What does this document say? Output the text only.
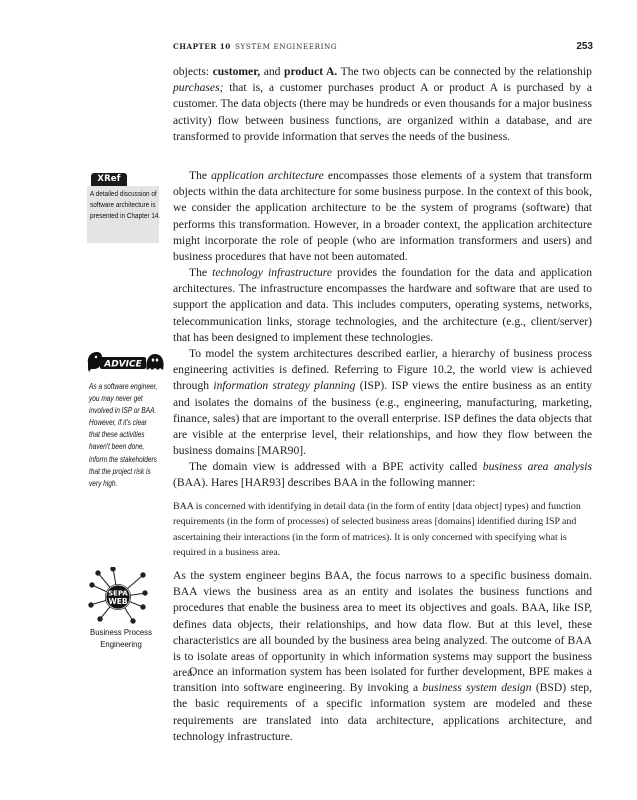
CHAPTER 10 SYSTEM ENGINEERING	253

objects: customer, and product A. The two objects can be connected by the relationship purchases; that is, a customer purchases product A or product A is purchased by a customer. The data objects (there may be hundreds or even thousands for a major business activity) flow between business functions, are organized within a database, and are transformed to provide information that serves the needs of the business.

The application architecture encompasses those elements of a system that transform objects within the data architecture for some business purpose. In the context of this book, we consider the application architecture to be the system of programs (software) that performs this transformation. However, in a broader context, the application architecture might incorporate the role of people (who are information transformers and users) and business procedures that have not been automated.

The technology infrastructure provides the foundation for the data and application architectures. The infrastructure encompasses the hardware and software that are used to support the application and data. This includes computers, operating systems, networks, telecommunication links, storage technologies, and the architecture (e.g., client/server) that has been designed to implement these technologies.

To model the system architectures described earlier, a hierarchy of business process engineering activities is defined. Referring to Figure 10.2, the world view is achieved through information strategy planning (ISP). ISP views the entire business as an entity and isolates the domains of the business (e.g., engineering, manufacturing, marketing, finance, sales) that are important to the overall enterprise. ISP defines the data objects that are visible at the enterprise level, their relationships, and how they flow between the business domains [MAR90].

The domain view is addressed with a BPE activity called business area analysis (BAA). Hares [HAR93] describes BAA in the following manner:

BAA is concerned with identifying in detail data (in the form of entity [data object] types) and function requirements (in the form of processes) of selected business areas [domains] identified during ISP and ascertaining their interactions (in the form of matrices). It is only concerned with specifying what is required in a business area.

As the system engineer begins BAA, the focus narrows to a specific business domain. BAA views the business area as an entity and isolates the business functions and procedures that enable the business area to meet its objectives and goals. BAA, like ISP, defines data objects, their relationships, and how data flow. But at this level, these characteristics are all bounded by the business area being analyzed. The outcome of BAA is to isolate areas of opportunity in which information systems may support the business area.

Once an information system has been isolated for further development, BPE makes a transition into software engineering. By invoking a business system design (BSD) step, the basic requirements of a specific information system are modeled and these requirements are translated into data architecture, applications architecture, and technology infrastructure.

XRef
A detailed discussion of software architecture is presented in Chapter 14.
ADVICE
As a software engineer, you may never get involved in ISP or BAA. However, if it's clear that these activities haven't been done, inform the stakeholders that the project risk is very high.
SEPA
WEB
Business Process Engineering
